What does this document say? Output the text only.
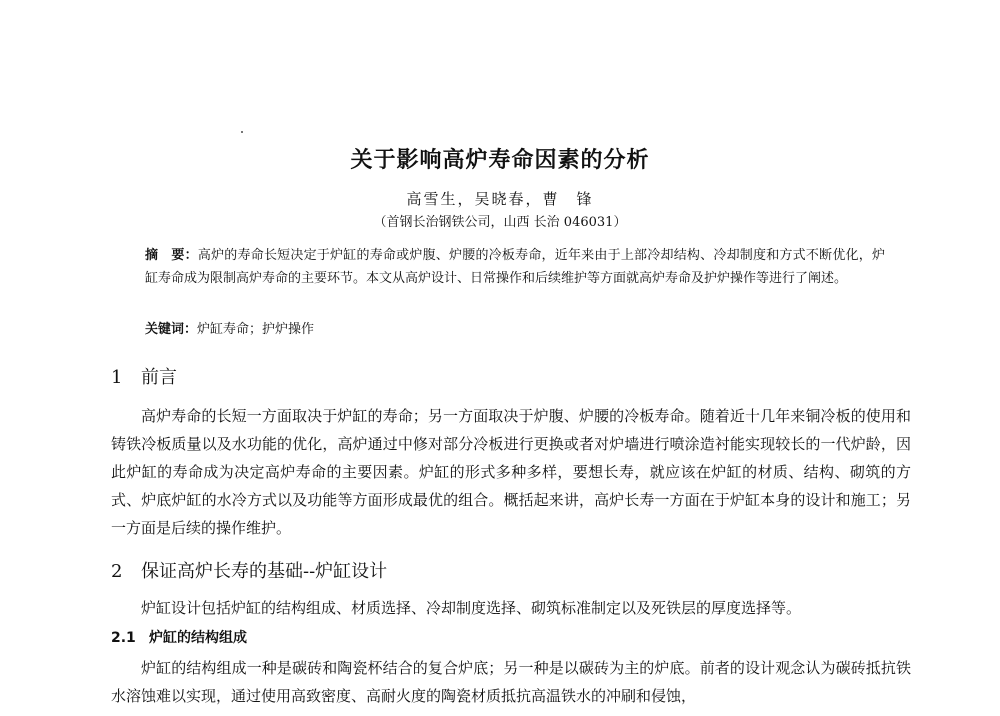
关于影响高炉寿命因素的分析
高雪生，吴晓春，曹　锋
（首钢长治钢铁公司，山西 长治 046031）
摘　要：高炉的寿命长短决定于炉缸的寿命或炉腹、炉腰的冷板寿命，近年来由于上部冷却结构、冷却制度和方式不断优化，炉缸寿命成为限制高炉寿命的主要环节。本文从高炉设计、日常操作和后续维护等方面就高炉寿命及护炉操作等进行了阐述。
关键词：炉缸寿命；护炉操作
1 前言
高炉寿命的长短一方面取决于炉缸的寿命；另一方面取决于炉腹、炉腰的冷板寿命。随着近十几年来铜冷板的使用和铸铁冷板质量以及水功能的优化，高炉通过中修对部分冷板进行更换或者对炉墙进行喷涂造衬能实现较长的一代炉龄，因此炉缸的寿命成为决定高炉寿命的主要因素。炉缸的形式多种多样，要想长寿，就应该在炉缸的材质、结构、砌筑的方式、炉底炉缸的水冷方式以及功能等方面形成最优的组合。概括起来讲，高炉长寿一方面在于炉缸本身的设计和施工；另一方面是后续的操作维护。
2 保证高炉长寿的基础--炉缸设计
炉缸设计包括炉缸的结构组成、材质选择、冷却制度选择、砌筑标准制定以及死铁层的厚度选择等。
2.1 炉缸的结构组成
炉缸的结构组成一种是碳砖和陶瓷杯结合的复合炉底；另一种是以碳砖为主的炉底。前者的设计观念认为碳砖抵抗铁水溶蚀难以实现，通过使用高致密度、高耐火度的陶瓷材质抵抗高温铁水的冲刷和侵蚀，
